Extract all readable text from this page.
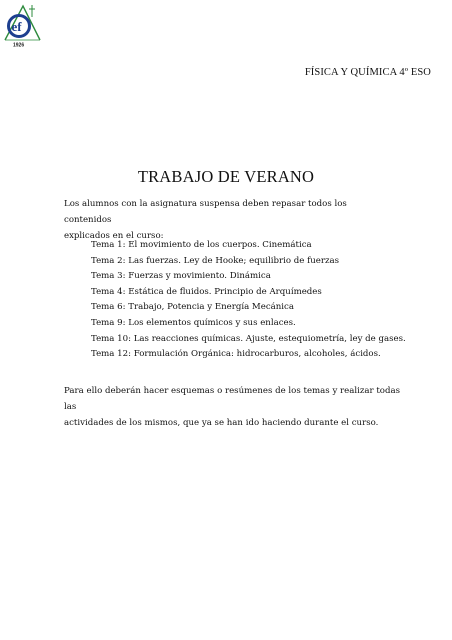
ef
1926
FÍSICA Y QUÍMICA 4º ESO
TRABAJO DE VERANO
Los alumnos con la asignatura suspensa deben repasar todos los contenidos
explicados en el curso:
Tema 1: El movimiento de los cuerpos. Cinemática
Tema 2: Las fuerzas. Ley de Hooke; equilibrio de fuerzas
Tema 3: Fuerzas y movimiento. Dinámica
Tema 4: Estática de fluidos. Principio de Arquímedes
Tema 6: Trabajo, Potencia y Energía Mecánica
Tema 9: Los elementos químicos y sus enlaces.
Tema 10: Las reacciones químicas. Ajuste, estequiometría, ley de gases.
Tema 12: Formulación Orgánica: hidrocarburos, alcoholes, ácidos.
Para ello deberán hacer esquemas o resúmenes de los temas y realizar todas las
actividades de los mismos, que ya se han ido haciendo durante el curso.
